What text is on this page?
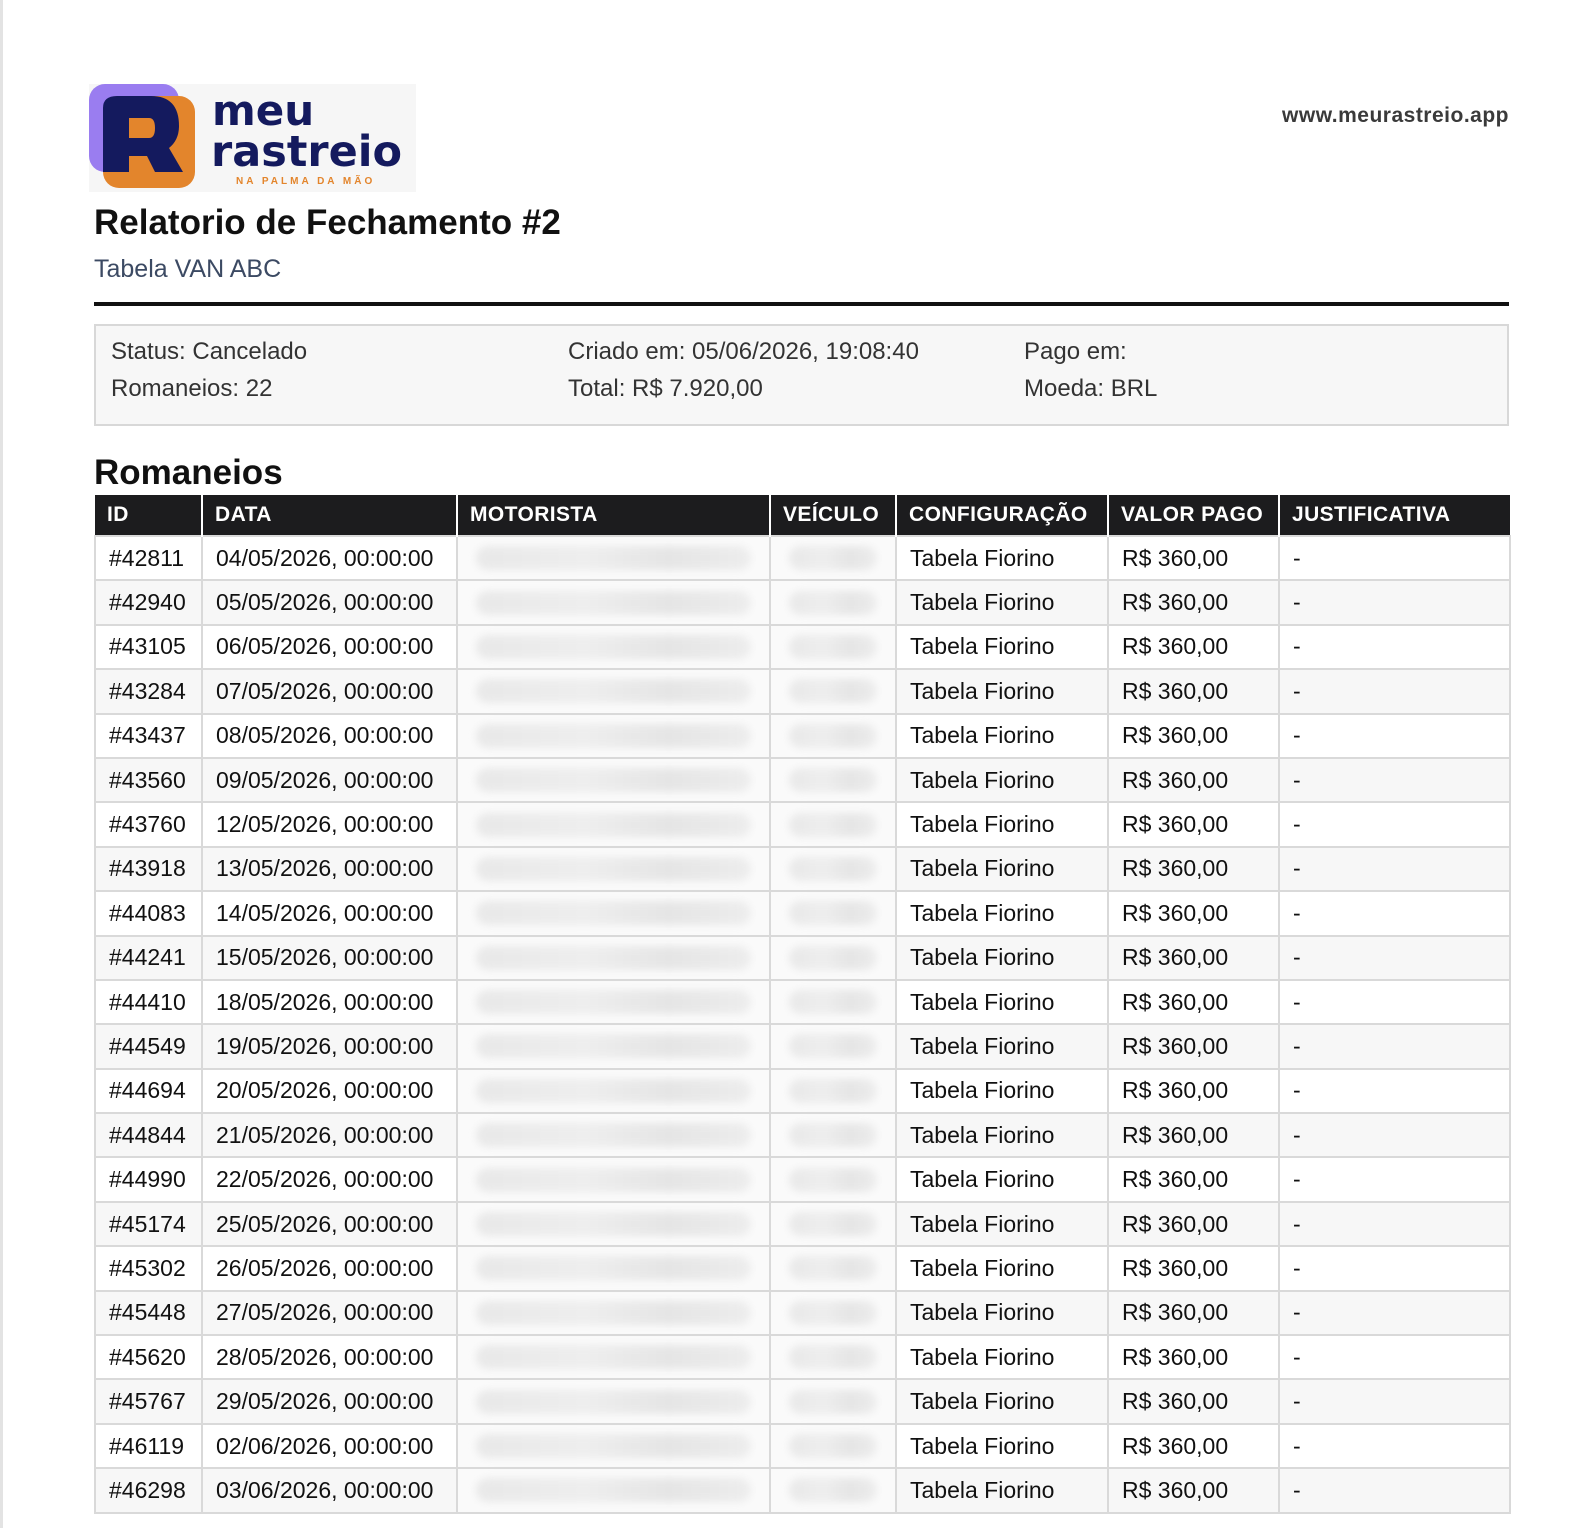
meu
rastreio
NA PALMA DA MÃO
www.meurastreio.app
Relatorio de Fechamento #2
Tabela VAN ABC
Status: Cancelado
Romaneios: 22
Criado em: 05/06/2026, 19:08:40
Total: R$ 7.920,00
Pago em:
Moeda: BRL
Romaneios
ID	DATA	MOTORISTA	VEÍCULO	CONFIGURAÇÃO	VALOR PAGO	JUSTIFICATIVA
#42811	04/05/2026, 00:00:00			Tabela Fiorino	R$ 360,00	-
#42940	05/05/2026, 00:00:00			Tabela Fiorino	R$ 360,00	-
#43105	06/05/2026, 00:00:00			Tabela Fiorino	R$ 360,00	-
#43284	07/05/2026, 00:00:00			Tabela Fiorino	R$ 360,00	-
#43437	08/05/2026, 00:00:00			Tabela Fiorino	R$ 360,00	-
#43560	09/05/2026, 00:00:00			Tabela Fiorino	R$ 360,00	-
#43760	12/05/2026, 00:00:00			Tabela Fiorino	R$ 360,00	-
#43918	13/05/2026, 00:00:00			Tabela Fiorino	R$ 360,00	-
#44083	14/05/2026, 00:00:00			Tabela Fiorino	R$ 360,00	-
#44241	15/05/2026, 00:00:00			Tabela Fiorino	R$ 360,00	-
#44410	18/05/2026, 00:00:00			Tabela Fiorino	R$ 360,00	-
#44549	19/05/2026, 00:00:00			Tabela Fiorino	R$ 360,00	-
#44694	20/05/2026, 00:00:00			Tabela Fiorino	R$ 360,00	-
#44844	21/05/2026, 00:00:00			Tabela Fiorino	R$ 360,00	-
#44990	22/05/2026, 00:00:00			Tabela Fiorino	R$ 360,00	-
#45174	25/05/2026, 00:00:00			Tabela Fiorino	R$ 360,00	-
#45302	26/05/2026, 00:00:00			Tabela Fiorino	R$ 360,00	-
#45448	27/05/2026, 00:00:00			Tabela Fiorino	R$ 360,00	-
#45620	28/05/2026, 00:00:00			Tabela Fiorino	R$ 360,00	-
#45767	29/05/2026, 00:00:00			Tabela Fiorino	R$ 360,00	-
#46119	02/06/2026, 00:00:00			Tabela Fiorino	R$ 360,00	-
#46298	03/06/2026, 00:00:00			Tabela Fiorino	R$ 360,00	-
